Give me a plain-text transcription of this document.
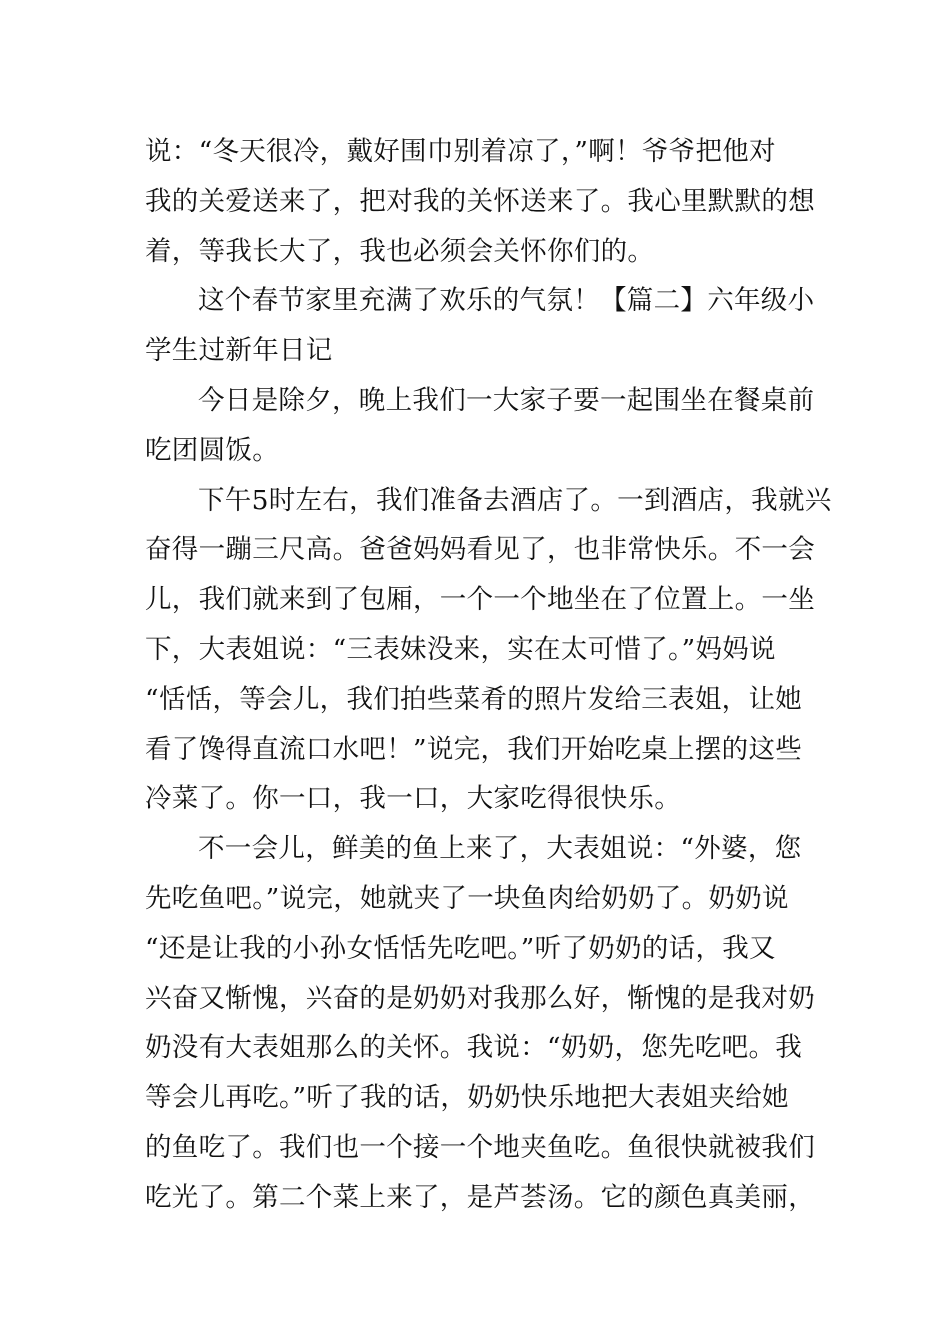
说：“冬天很冷，戴好围巾别着凉了，”啊！爷爷把他对
我的关爱送来了，把对我的关怀送来了。我心里默默的想
着，等我长大了，我也必须会关怀你们的。
这个春节家里充满了欢乐的气氛！【篇二】六年级小
学生过新年日记
今日是除夕，晚上我们一大家子要一起围坐在餐桌前
吃团圆饭。
下午5时左右，我们准备去酒店了。一到酒店，我就兴
奋得一蹦三尺高。爸爸妈妈看见了，也非常快乐。不一会
儿，我们就来到了包厢，一个一个地坐在了位置上。一坐
下，大表姐说：“三表妹没来，实在太可惜了。”妈妈说
“恬恬，等会儿，我们拍些菜肴的照片发给三表姐，让她
看了馋得直流口水吧！”说完，我们开始吃桌上摆的这些
冷菜了。你一口，我一口，大家吃得很快乐。
不一会儿，鲜美的鱼上来了，大表姐说：“外婆，您
先吃鱼吧。”说完，她就夹了一块鱼肉给奶奶了。奶奶说
“还是让我的小孙女恬恬先吃吧。”听了奶奶的话，我又
兴奋又惭愧，兴奋的是奶奶对我那么好，惭愧的是我对奶
奶没有大表姐那么的关怀。我说：“奶奶，您先吃吧。我
等会儿再吃。”听了我的话，奶奶快乐地把大表姐夹给她
的鱼吃了。我们也一个接一个地夹鱼吃。鱼很快就被我们
吃光了。第二个菜上来了，是芦荟汤。它的颜色真美丽，
